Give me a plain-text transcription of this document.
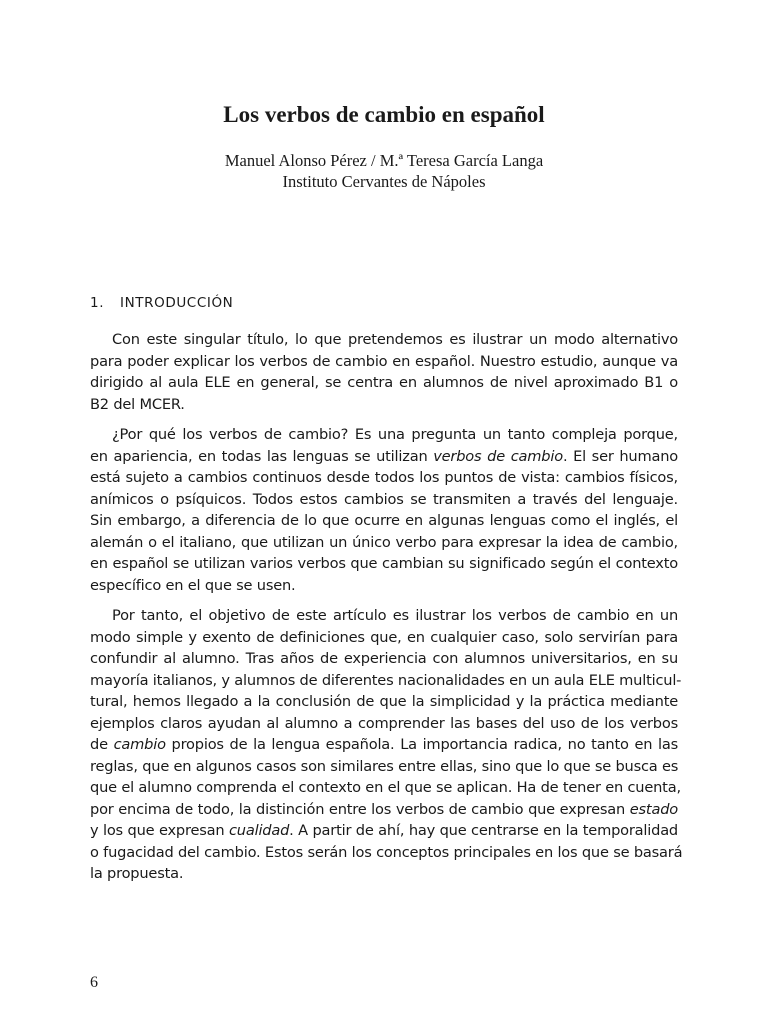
Los verbos de cambio en español
Manuel Alonso Pérez / M.ª Teresa García Langa
Instituto Cervantes de Nápoles
1. INTRODUCCIÓN

Con este singular título, lo que pretendemos es ilustrar un modo alternativo
para poder explicar los verbos de cambio en español. Nuestro estudio, aunque va
dirigido al aula ELE en general, se centra en alumnos de nivel aproximado B1 o
B2 del MCER.

¿Por qué los verbos de cambio? Es una pregunta un tanto compleja porque,
en apariencia, en todas las lenguas se utilizan verbos de cambio. El ser humano
está sujeto a cambios continuos desde todos los puntos de vista: cambios físicos,
anímicos o psíquicos. Todos estos cambios se transmiten a través del lenguaje.
Sin embargo, a diferencia de lo que ocurre en algunas lenguas como el inglés, el
alemán o el italiano, que utilizan un único verbo para expresar la idea de cambio,
en español se utilizan varios verbos que cambian su significado según el contexto
específico en el que se usen.

Por tanto, el objetivo de este artículo es ilustrar los verbos de cambio en un
modo simple y exento de definiciones que, en cualquier caso, solo servirían para
confundir al alumno. Tras años de experiencia con alumnos universitarios, en su
mayoría italianos, y alumnos de diferentes nacionalidades en un aula ELE multicul-
tural, hemos llegado a la conclusión de que la simplicidad y la práctica mediante
ejemplos claros ayudan al alumno a comprender las bases del uso de los verbos
de cambio propios de la lengua española. La importancia radica, no tanto en las
reglas, que en algunos casos son similares entre ellas, sino que lo que se busca es
que el alumno comprenda el contexto en el que se aplican. Ha de tener en cuenta,
por encima de todo, la distinción entre los verbos de cambio que expresan estado
y los que expresan cualidad. A partir de ahí, hay que centrarse en la temporalidad
o fugacidad del cambio. Estos serán los conceptos principales en los que se basará
la propuesta.

6
